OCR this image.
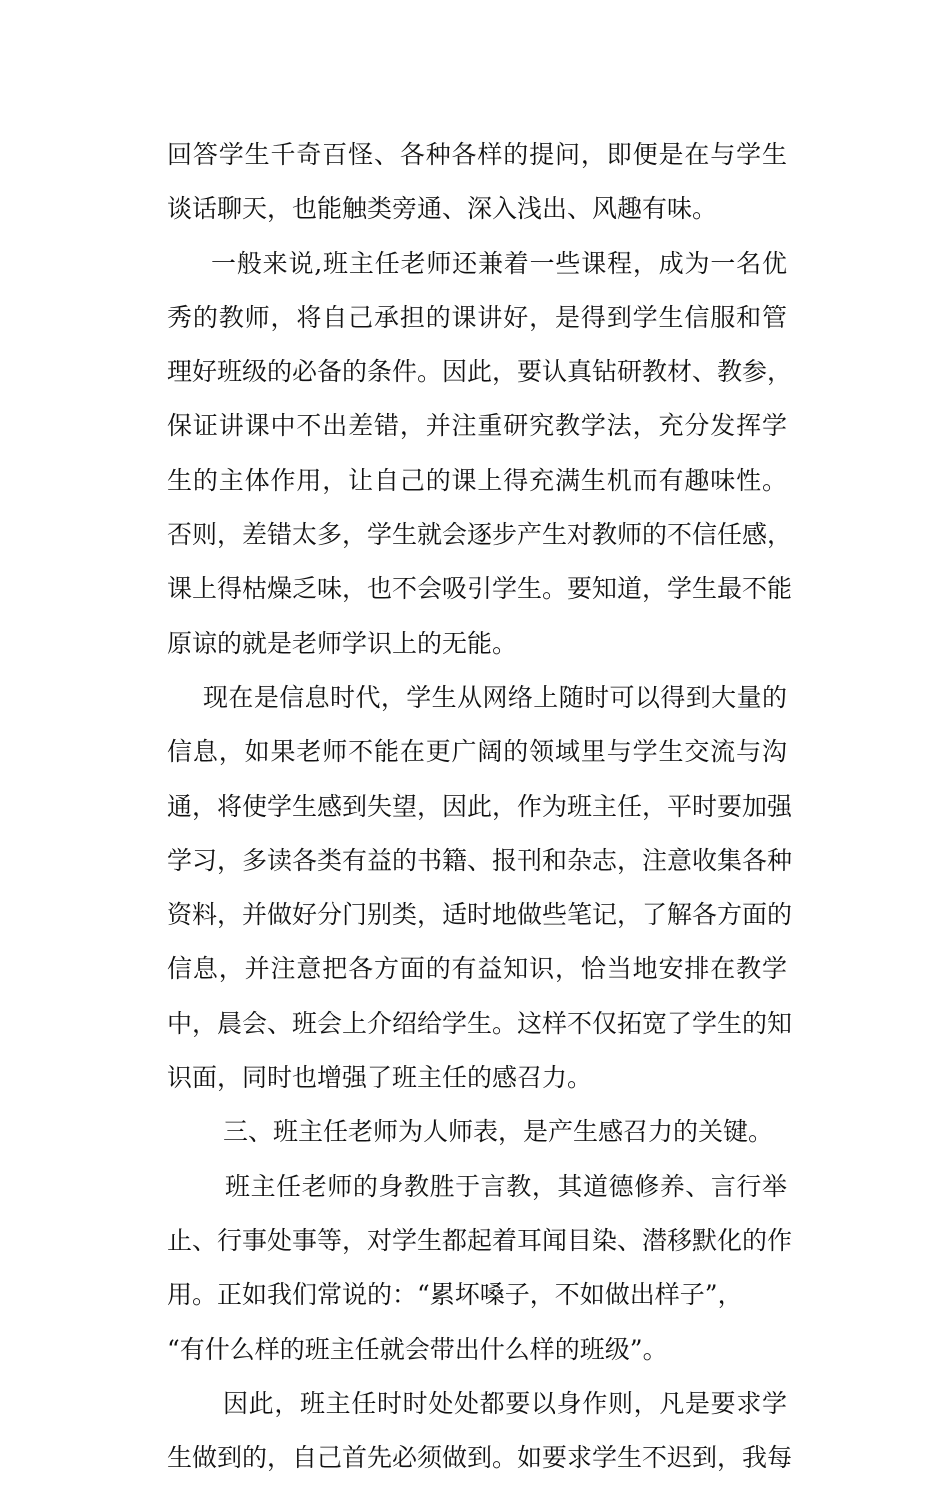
回答学生千奇百怪、各种各样的提问，即便是在与学生
谈话聊天，也能触类旁通、深入浅出、风趣有味。
一般来说,班主任老师还兼着一些课程，成为一名优
秀的教师，将自己承担的课讲好，是得到学生信服和管
理好班级的必备的条件。因此，要认真钻研教材、教参，
保证讲课中不出差错，并注重研究教学法，充分发挥学
生的主体作用，让自己的课上得充满生机而有趣味性。
否则，差错太多，学生就会逐步产生对教师的不信任感，
课上得枯燥乏味，也不会吸引学生。要知道，学生最不能
原谅的就是老师学识上的无能。
现在是信息时代，学生从网络上随时可以得到大量的
信息，如果老师不能在更广阔的领域里与学生交流与沟
通，将使学生感到失望，因此，作为班主任，平时要加强
学习，多读各类有益的书籍、报刊和杂志，注意收集各种
资料，并做好分门别类，适时地做些笔记，了解各方面的
信息，并注意把各方面的有益知识，恰当地安排在教学
中，晨会、班会上介绍给学生。这样不仅拓宽了学生的知
识面，同时也增强了班主任的感召力。
三、班主任老师为人师表，是产生感召力的关键。
班主任老师的身教胜于言教，其道德修养、言行举
止、行事处事等，对学生都起着耳闻目染、潜移默化的作
用。正如我们常说的：“累坏嗓子，不如做出样子”，
“有什么样的班主任就会带出什么样的班级”。
因此，班主任时时处处都要以身作则，凡是要求学
生做到的，自己首先必须做到。如要求学生不迟到，我每
